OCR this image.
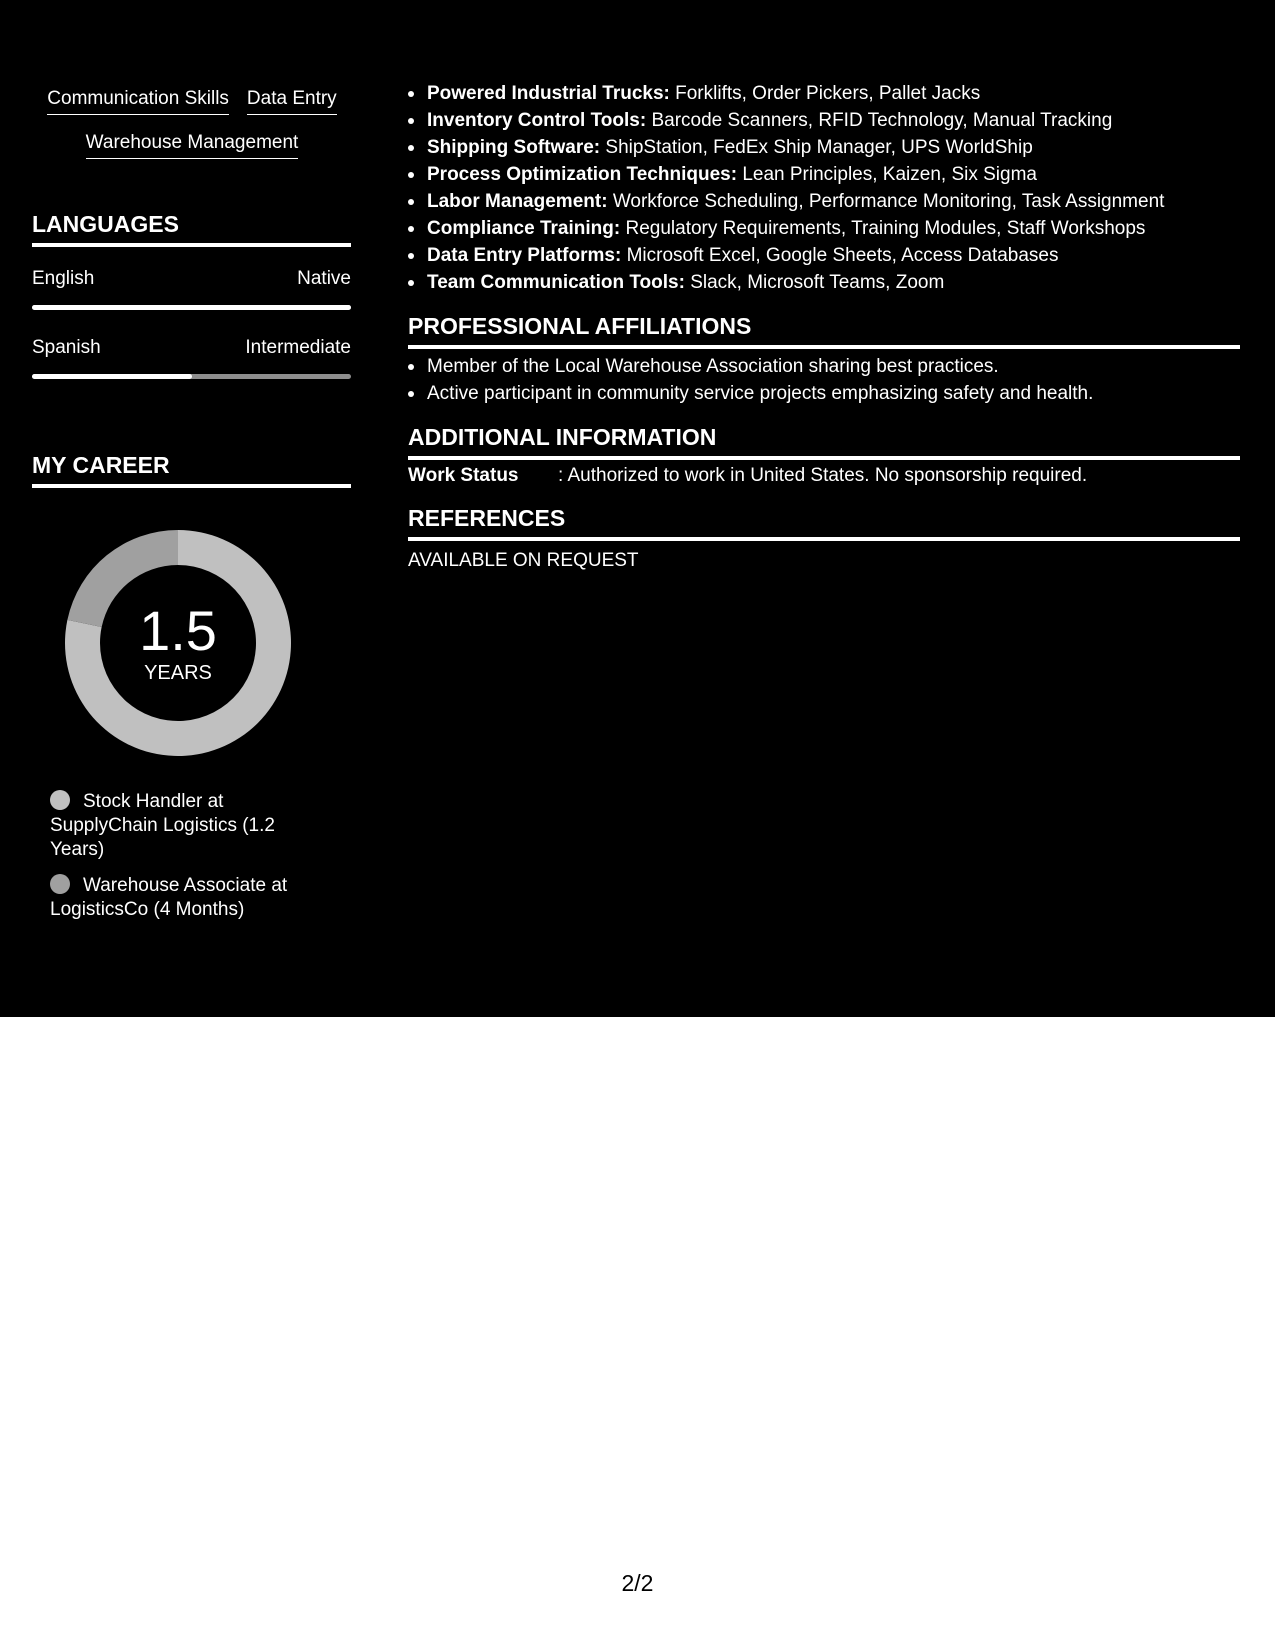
Communication Skills Data Entry
Warehouse Management
LANGUAGES
English	Native
Spanish	Intermediate
MY CAREER
1.5
YEARS
Stock Handler at SupplyChain Logistics (1.2 Years)
Warehouse Associate at LogisticsCo (4 Months)
Powered Industrial Trucks: Forklifts, Order Pickers, Pallet Jacks
Inventory Control Tools: Barcode Scanners, RFID Technology, Manual Tracking
Shipping Software: ShipStation, FedEx Ship Manager, UPS WorldShip
Process Optimization Techniques: Lean Principles, Kaizen, Six Sigma
Labor Management: Workforce Scheduling, Performance Monitoring, Task Assignment
Compliance Training: Regulatory Requirements, Training Modules, Staff Workshops
Data Entry Platforms: Microsoft Excel, Google Sheets, Access Databases
Team Communication Tools: Slack, Microsoft Teams, Zoom
PROFESSIONAL AFFILIATIONS
Member of the Local Warehouse Association sharing best practices.
Active participant in community service projects emphasizing safety and health.
ADDITIONAL INFORMATION
Work Status	: Authorized to work in United States. No sponsorship required.
REFERENCES
AVAILABLE ON REQUEST
2/2
